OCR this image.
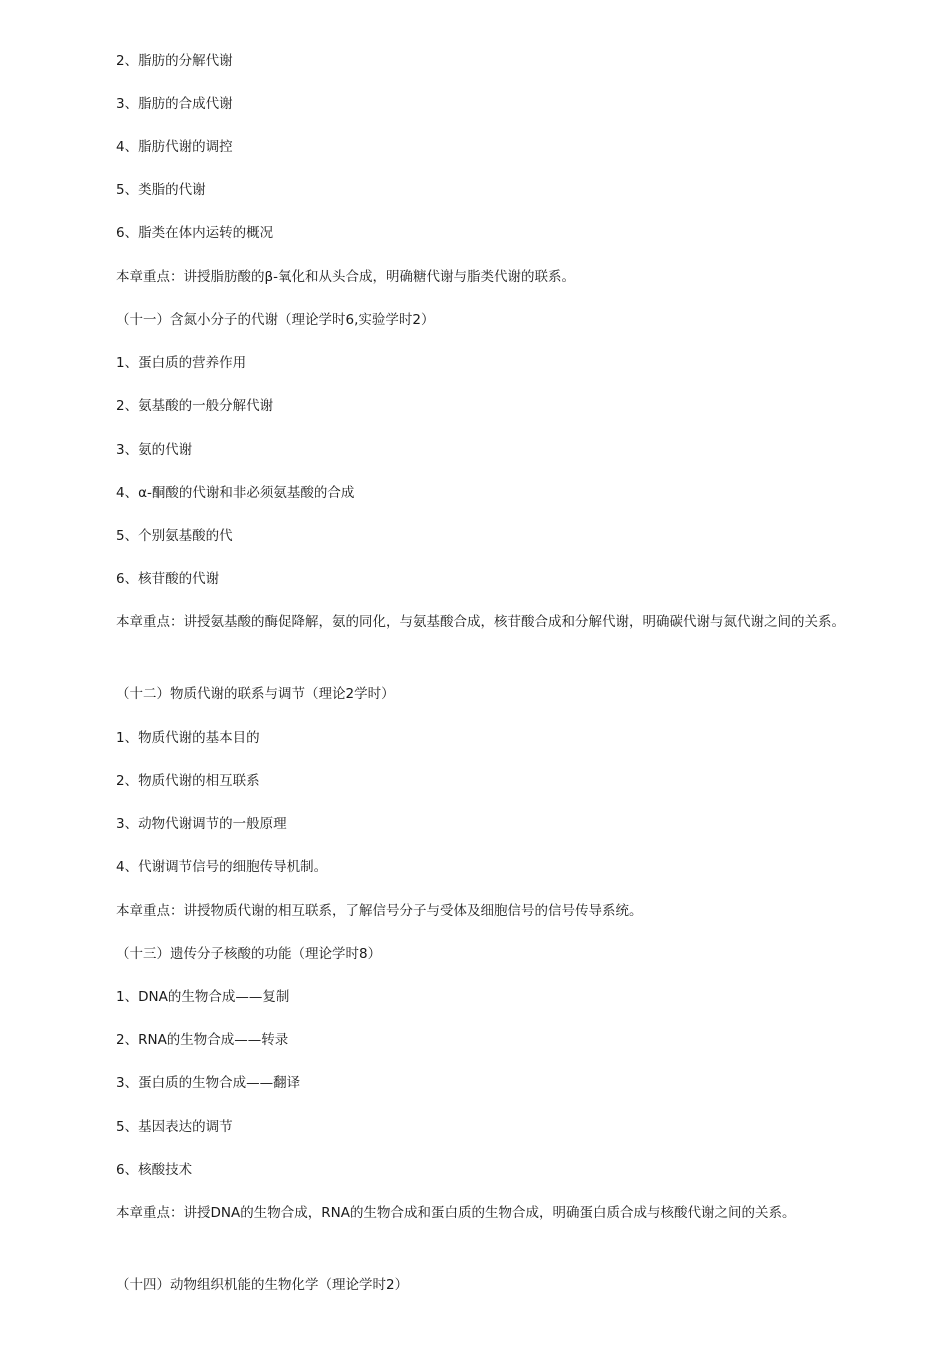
2、脂肪的分解代谢
3、脂肪的合成代谢
4、脂肪代谢的调控
5、类脂的代谢
6、脂类在体内运转的概况
本章重点：讲授脂肪酸的β-氧化和从头合成，明确糖代谢与脂类代谢的联系。
（十一）含氮小分子的代谢（理论学时6,实验学时2）
1、蛋白质的营养作用
2、氨基酸的一般分解代谢
3、氨的代谢
4、α-酮酸的代谢和非必须氨基酸的合成
5、个别氨基酸的代
6、核苷酸的代谢
本章重点：讲授氨基酸的酶促降解，氨的同化，与氨基酸合成，核苷酸合成和分解代谢，明确碳代谢与氮代谢之间的关系。
（十二）物质代谢的联系与调节（理论2学时）
1、物质代谢的基本目的
2、物质代谢的相互联系
3、动物代谢调节的一般原理
4、代谢调节信号的细胞传导机制。
本章重点：讲授物质代谢的相互联系，了解信号分子与受体及细胞信号的信号传导系统。
（十三）遗传分子核酸的功能（理论学时8）
1、DNA的生物合成——复制
2、RNA的生物合成——转录
3、蛋白质的生物合成——翻译
5、基因表达的调节
6、核酸技术
本章重点：讲授DNA的生物合成，RNA的生物合成和蛋白质的生物合成，明确蛋白质合成与核酸代谢之间的关系。
（十四）动物组织机能的生物化学（理论学时2）
